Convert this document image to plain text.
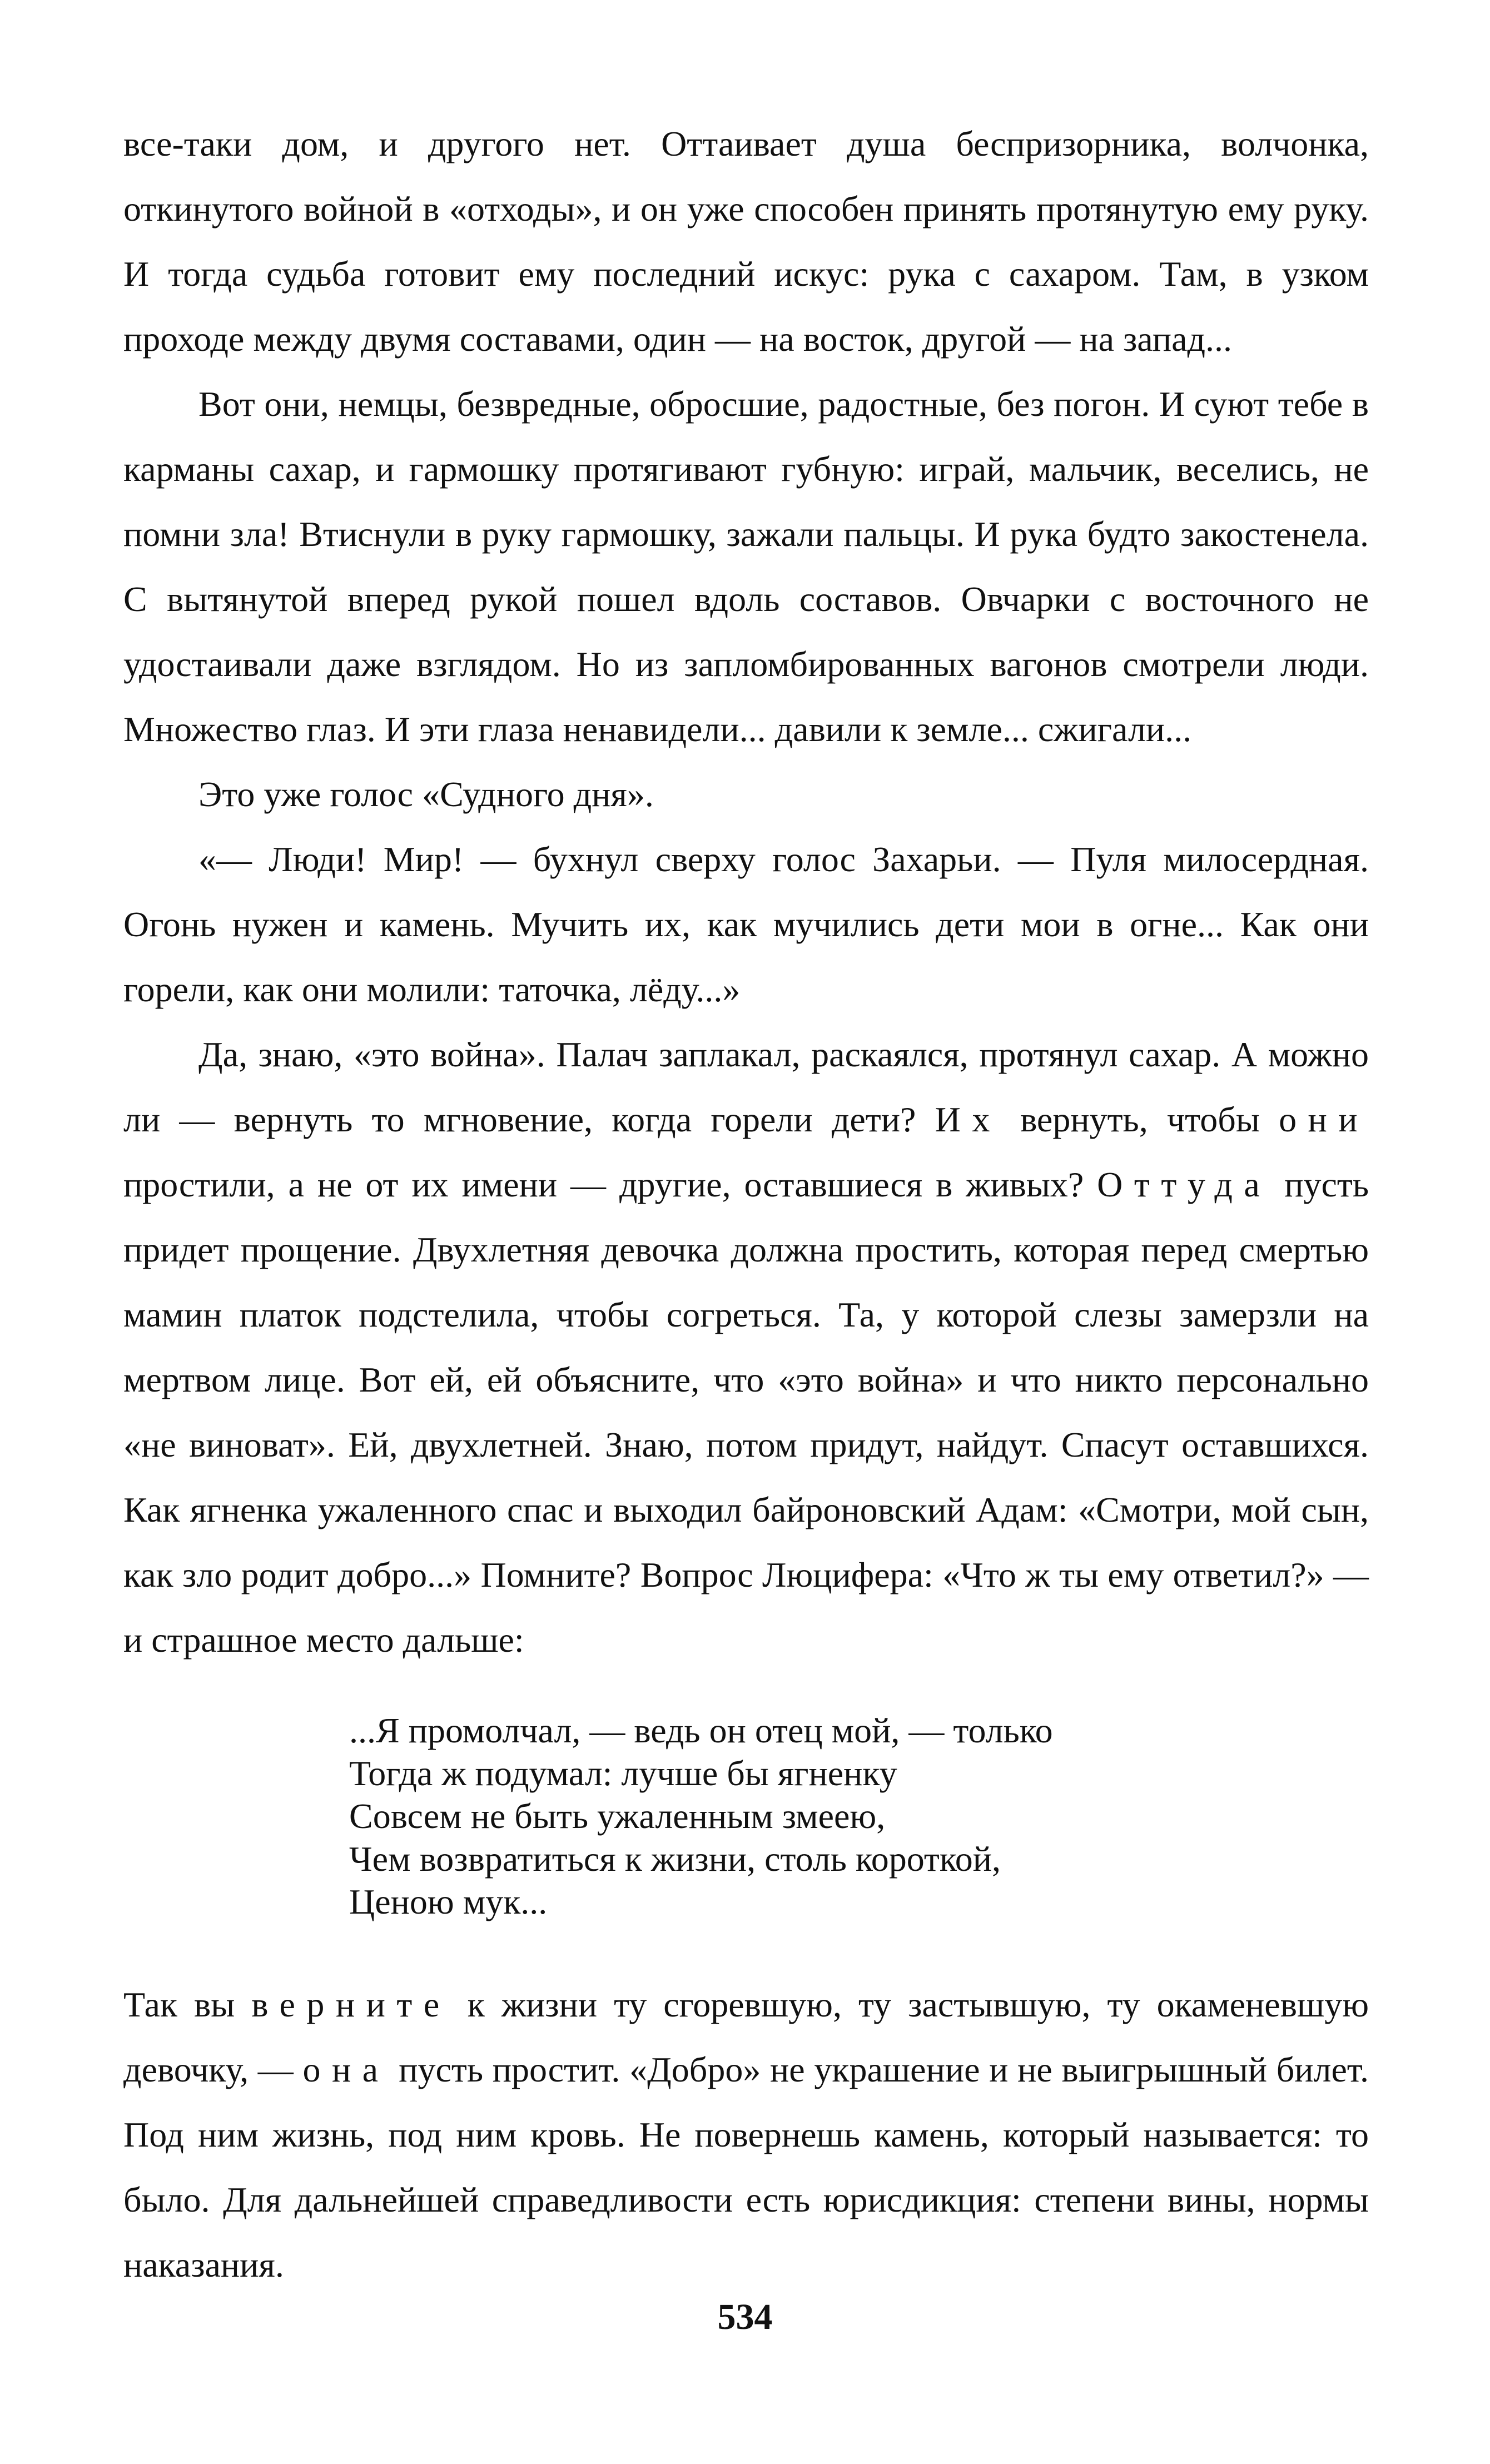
все-таки дом, и другого нет. Оттаивает душа беспризорника, волчонка, откинутого войной в «отходы», и он уже способен принять протянутую ему руку. И тогда судьба готовит ему последний искус: рука с сахаром. Там, в узком проходе между двумя составами, один — на восток, другой — на запад...

Вот они, немцы, безвредные, обросшие, радостные, без погон. И суют тебе в карманы сахар, и гармошку протягивают губную: играй, мальчик, веселись, не помни зла! Втиснули в руку гармошку, зажали пальцы. И рука будто закостенела. С вытянутой вперед рукой пошел вдоль составов. Овчарки с восточного не удостаивали даже взглядом. Но из запломбированных вагонов смотрели люди. Множество глаз. И эти глаза ненавидели... давили к земле... сжигали...

Это уже голос «Судного дня».

«— Люди! Мир! — бухнул сверху голос Захарьи. — Пуля милосердная. Огонь нужен и камень. Мучить их, как мучились дети мои в огне... Как они горели, как они молили: таточка, лёду...»

Да, знаю, «это война». Палач заплакал, раскаялся, протянул сахар. А можно ли — вернуть то мгновение, когда горели дети? Их вернуть, чтобы они простили, а не от их имени — другие, оставшиеся в живых? Оттуда пусть придет прощение. Двухлетняя девочка должна простить, которая перед смертью мамин платок подстелила, чтобы согреться. Та, у которой слезы замерзли на мертвом лице. Вот ей, ей объясните, что «это война» и что никто персонально «не виноват». Ей, двухлетней. Знаю, потом придут, найдут. Спасут оставшихся. Как ягненка ужаленного спас и выходил байроновский Адам: «Смотри, мой сын, как зло родит добро...» Помните? Вопрос Люцифера: «Что ж ты ему ответил?» — и страшное место дальше:

...Я промолчал, — ведь он отец мой, — только
Тогда ж подумал: лучше бы ягненку
Совсем не быть ужаленным змеею,
Чем возвратиться к жизни, столь короткой,
Ценою мук...

Так вы верните к жизни ту сгоревшую, ту застывшую, ту окаменевшую девочку, — она пусть простит. «Добро» не украшение и не выигрышный билет. Под ним жизнь, под ним кровь. Не повернешь камень, который называется: то было. Для дальнейшей справедливости есть юрисдикция: степени вины, нормы наказания.

534
